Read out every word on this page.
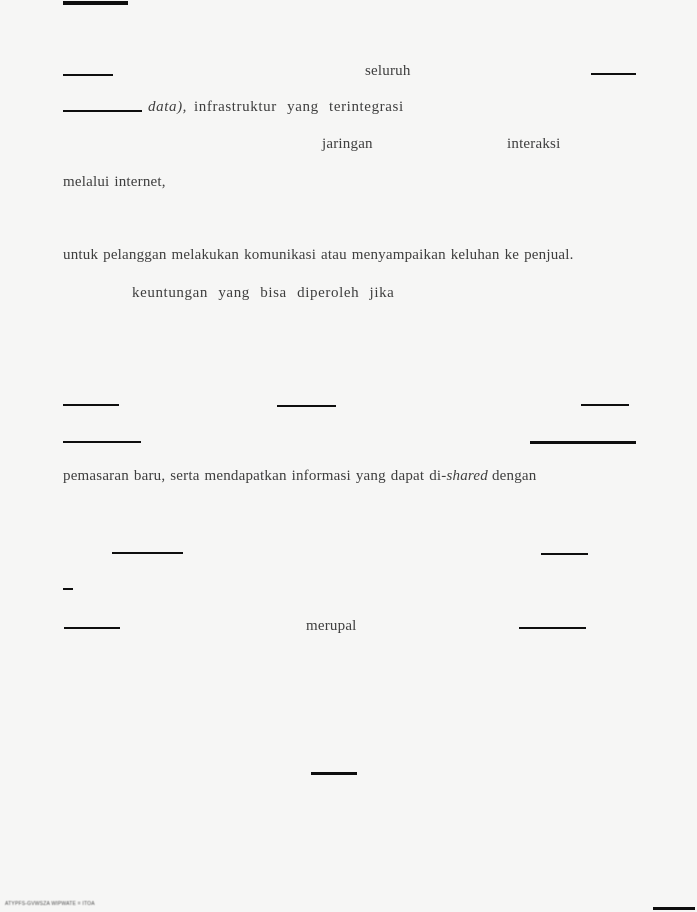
seluruh
data), infrastruktur yang terintegrasi
jaringan	interaksi
melalui internet,
untuk pelanggan melakukan komunikasi atau menyampaikan keluhan ke penjual.
keuntungan yang bisa diperoleh jika
pemasaran baru, serta mendapatkan informasi yang dapat di-shared dengan
merupal
ATYPFS-GVWSZA WIPWATE = ITOA
